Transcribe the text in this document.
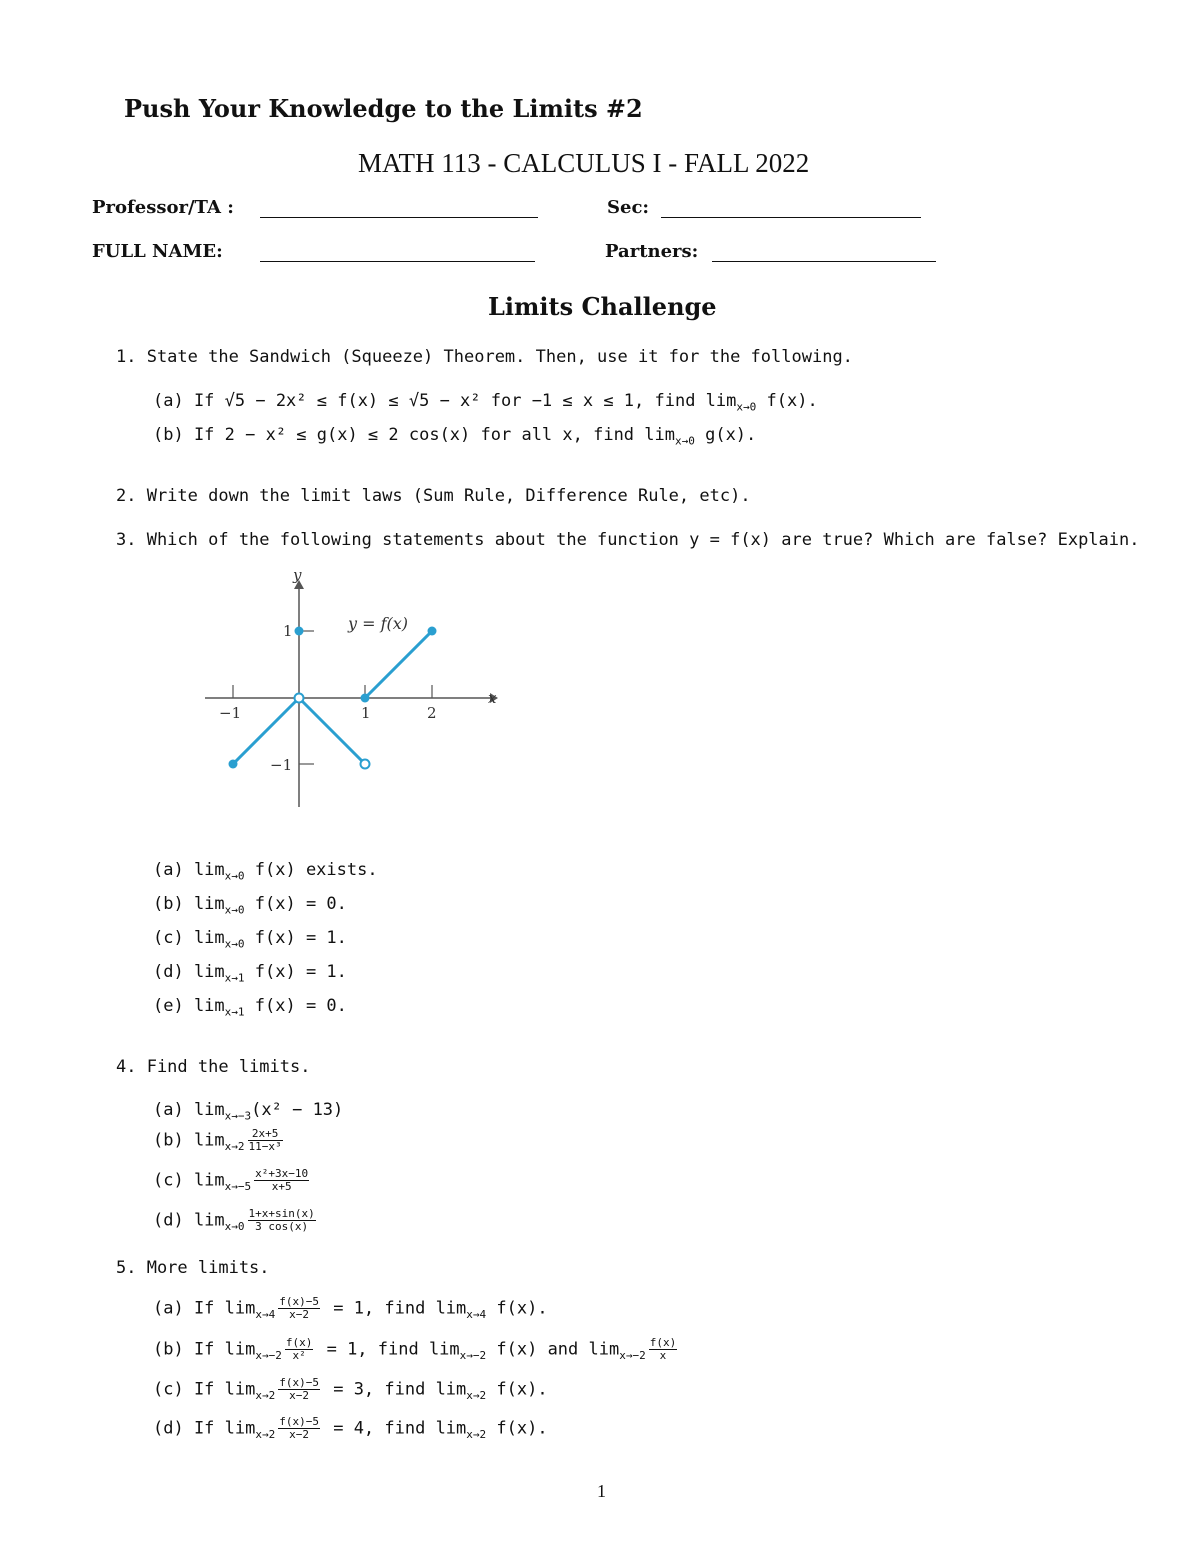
Push Your Knowledge to the Limits #2
MATH 113 - CALCULUS I - FALL 2022
Professor/TA :	Sec:
FULL NAME:	Partners:
Limits Challenge
1. State the Sandwich (Squeeze) Theorem. Then, use it for the following.
(a) If √5 − 2x² ≤ f(x) ≤ √5 − x² for −1 ≤ x ≤ 1, find $\lim_{x\to 0} f(x)$.
(b) If 2 − x² ≤ g(x) ≤ 2 cos(x) for all x, find $\lim_{x\to 0} g(x)$.
2. Write down the limit laws (Sum Rule, Difference Rule, etc).
3. Which of the following statements about the function y = f(x) are true? Which are false? Explain.
−1	1	2
1
−1
y
x
y = f(x)
(a) $\lim_{x\to 0} f(x)$ exists.
(b) $\lim_{x\to 0} f(x) = 0$.
(c) $\lim_{x\to 0} f(x) = 1$.
(d) $\lim_{x\to 1} f(x) = 1$.
(e) $\lim_{x\to 1} f(x) = 0$.
4. Find the limits.
(a) $\lim_{x\to-3}(x^2 - 13)$
(b) $\lim_{x\to 2} \frac{2x+5}{\text{11−x³}}$
(c) $\lim_{x\to-5} \frac{\text{x²+3x−10}}{x+5}$
(d) $\lim_{x\to 0} \frac{1+x+\sin(x)}{3 \cos(x)}$
5. More limits.
(a) If $\lim_{x\to 4} \frac{f(x)-5}{x-2} = 1$, find $\lim_{x\to 4} f(x)$.
(b) If $\lim_{x\to-2} \frac{f(x)}{\text{x²}} = 1$, find $\lim_{x\to-2} f(x)$ and $\lim_{x\to-2} \frac{f(x)}{x}$
(c) If $\lim_{x\to 2} \frac{f(x)-5}{x-2} = 3$, find $\lim_{x\to 2} f(x)$.
(d) If $\lim_{x\to 2} \frac{f(x)-5}{x-2} = 4$, find $\lim_{x\to 2} f(x)$.
1
